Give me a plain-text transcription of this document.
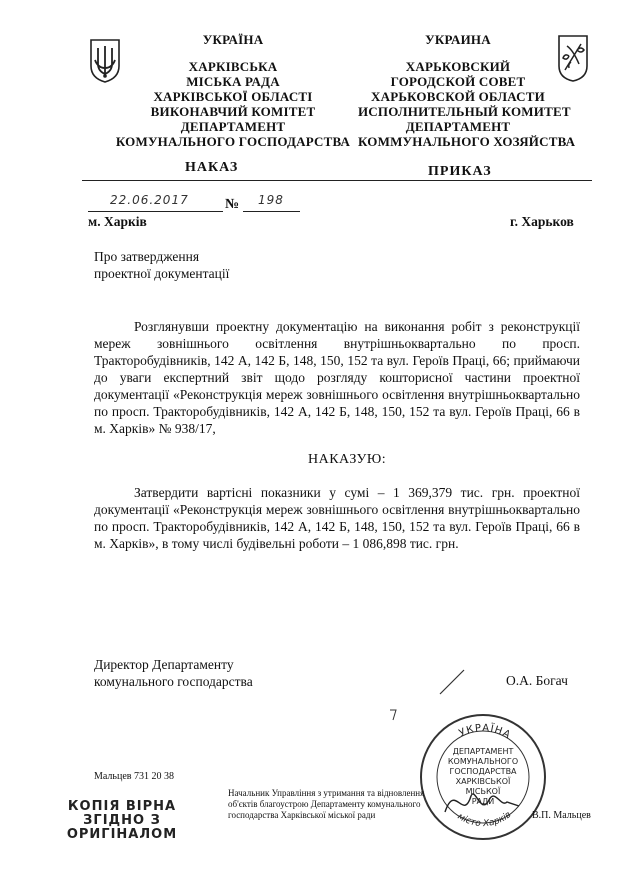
УКРАЇНА
ХАРКІВСЬКА
МІСЬКА РАДА
ХАРКІВСЬКОЇ ОБЛАСТІ
ВИКОНАВЧИЙ КОМІТЕТ
ДЕПАРТАМЕНТ
КОМУНАЛЬНОГО ГОСПОДАРСТВА
УКРАИНА
ХАРЬКОВСКИЙ
ГОРОДСКОЙ СОВЕТ
ХАРЬКОВСКОЙ ОБЛАСТИ
ИСПОЛНИТЕЛЬНЫЙ КОМИТЕТ
ДЕПАРТАМЕНТ
КОММУНАЛЬНОГО ХОЗЯЙСТВА
НАКАЗ	ПРИКАЗ
22.06.2017	№ 198
м. Харків	г. Харьков
Про затвердження
проектної документації
Розглянувши проектну документацію на виконання робіт з реконструкції мереж зовнішнього освітлення внутрішньоквартально по просп. Тракторобудівників, 142 А, 142 Б, 148, 150, 152 та вул. Героїв Праці, 66; приймаючи до уваги експертний звіт щодо розгляду кошторисної частини проектної документації «Реконструкція мереж зовнішнього освітлення внутрішньоквартально по просп. Тракторобудівників, 142 А, 142 Б, 148, 150, 152 та вул. Героїв Праці, 66 в м. Харків» № 938/17,
НАКАЗУЮ:
Затвердити вартісні показники у сумі – 1 369,379 тис. грн. проектної документації «Реконструкція мереж зовнішнього освітлення внутрішньоквартально по просп. Тракторобудівників, 142 А, 142 Б, 148, 150, 152 та вул. Героїв Праці, 66 в м. Харків», в тому числі будівельні роботи – 1 086,898 тис. грн.
Директор Департаменту
комунального господарства	О.А. Богач
УКРАЇНА
місто Харків
ДЕПАРТАМЕНТ
КОМУНАЛЬНОГО
ГОСПОДАРСТВА
ХАРКІВСЬКОЇ
МІСЬКОЇ
РАДИ
Мальцев 731 20 38
Начальник Управління з утримання та відновлення
об'єктів благоустрою Департаменту комунального
господарства Харківської міської ради	В.П. Мальцев
КОПІЯ ВІРНА
ЗГІДНО З
ОРИГІНАЛОМ
